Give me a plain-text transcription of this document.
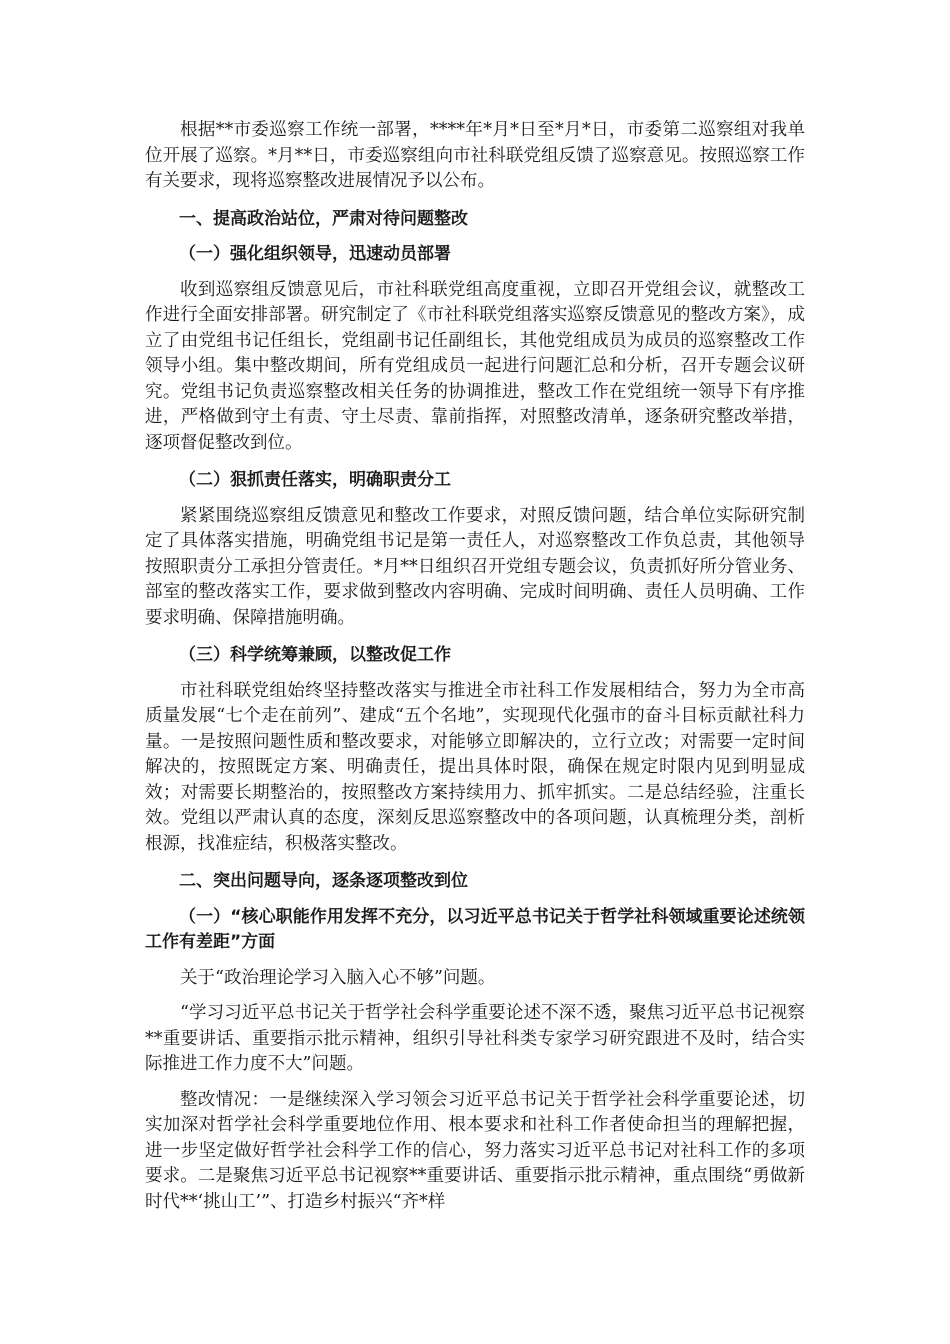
根据**市委巡察工作统一部署，****年*月*日至*月*日，市委第二巡察组对我单位开展了巡察。*月**日，市委巡察组向市社科联党组反馈了巡察意见。按照巡察工作有关要求，现将巡察整改进展情况予以公布。

一、提高政治站位，严肃对待问题整改

（一）强化组织领导，迅速动员部署

收到巡察组反馈意见后，市社科联党组高度重视，立即召开党组会议，就整改工作进行全面安排部署。研究制定了《市社科联党组落实巡察反馈意见的整改方案》，成立了由党组书记任组长，党组副书记任副组长，其他党组成员为成员的巡察整改工作领导小组。集中整改期间，所有党组成员一起进行问题汇总和分析，召开专题会议研究。党组书记负责巡察整改相关任务的协调推进，整改工作在党组统一领导下有序推进，严格做到守土有责、守土尽责、靠前指挥，对照整改清单，逐条研究整改举措，逐项督促整改到位。

（二）狠抓责任落实，明确职责分工

紧紧围绕巡察组反馈意见和整改工作要求，对照反馈问题，结合单位实际研究制定了具体落实措施，明确党组书记是第一责任人，对巡察整改工作负总责，其他领导按照职责分工承担分管责任。*月**日组织召开党组专题会议，负责抓好所分管业务、部室的整改落实工作，要求做到整改内容明确、完成时间明确、责任人员明确、工作要求明确、保障措施明确。

（三）科学统筹兼顾，以整改促工作

市社科联党组始终坚持整改落实与推进全市社科工作发展相结合，努力为全市高质量发展“七个走在前列”、建成“五个名地”，实现现代化强市的奋斗目标贡献社科力量。一是按照问题性质和整改要求，对能够立即解决的，立行立改；对需要一定时间解决的，按照既定方案、明确责任，提出具体时限，确保在规定时限内见到明显成效；对需要长期整治的，按照整改方案持续用力、抓牢抓实。二是总结经验，注重长效。党组以严肃认真的态度，深刻反思巡察整改中的各项问题，认真梳理分类，剖析根源，找准症结，积极落实整改。

二、突出问题导向，逐条逐项整改到位

（一）“核心职能作用发挥不充分，以习近平总书记关于哲学社科领域重要论述统领工作有差距”方面

关于“政治理论学习入脑入心不够”问题。

“学习习近平总书记关于哲学社会科学重要论述不深不透，聚焦习近平总书记视察**重要讲话、重要指示批示精神，组织引导社科类专家学习研究跟进不及时，结合实际推进工作力度不大”问题。

整改情况：一是继续深入学习领会习近平总书记关于哲学社会科学重要论述，切实加深对哲学社会科学重要地位作用、根本要求和社科工作者使命担当的理解把握，进一步坚定做好哲学社会科学工作的信心，努力落实习近平总书记对社科工作的多项要求。二是聚焦习近平总书记视察**重要讲话、重要指示批示精神，重点围绕“勇做新时代**‘挑山工’”、打造乡村振兴“齐*样
